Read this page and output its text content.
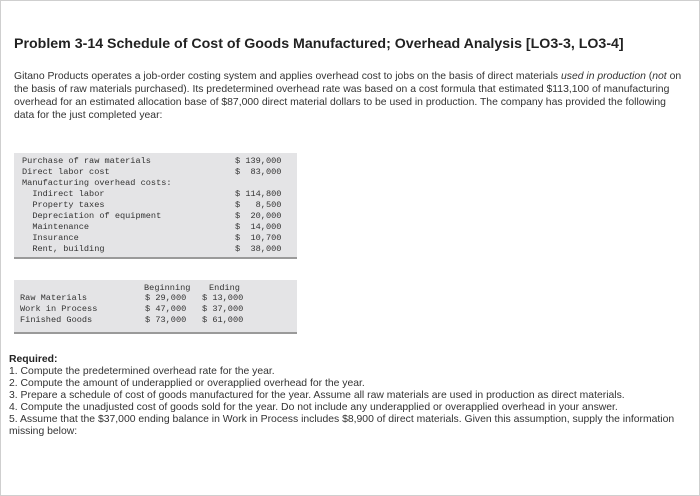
Problem 3-14 Schedule of Cost of Goods Manufactured; Overhead Analysis [LO3-3, LO3-4]
Gitano Products operates a job-order costing system and applies overhead cost to jobs on the basis of direct materials used in production (not on the basis of raw materials purchased). Its predetermined overhead rate was based on a cost formula that estimated $113,100 of manufacturing overhead for an estimated allocation base of $87,000 direct material dollars to be used in production. The company has provided the following data for the just completed year:
Purchase of raw materials	$ 139,000
Direct labor cost	$  83,000
Manufacturing overhead costs:
Indirect labor	$ 114,800
Property taxes	$   8,500
Depreciation of equipment	$  20,000
Maintenance	$  14,000
Insurance	$  10,700
Rent, building	$  38,000
Beginning Ending
Raw Materials	$ 29,000 $ 13,000
Work in Process	$ 47,000 $ 37,000
Finished Goods	$ 73,000 $ 61,000

Required:

1. Compute the predetermined overhead rate for the year.

2. Compute the amount of underapplied or overapplied overhead for the year.

3. Prepare a schedule of cost of goods manufactured for the year. Assume all raw materials are used in production as direct materials.

4. Compute the unadjusted cost of goods sold for the year. Do not include any underapplied or overapplied overhead in your answer.

5. Assume that the $37,000 ending balance in Work in Process includes $8,900 of direct materials. Given this assumption, supply the information missing below:
